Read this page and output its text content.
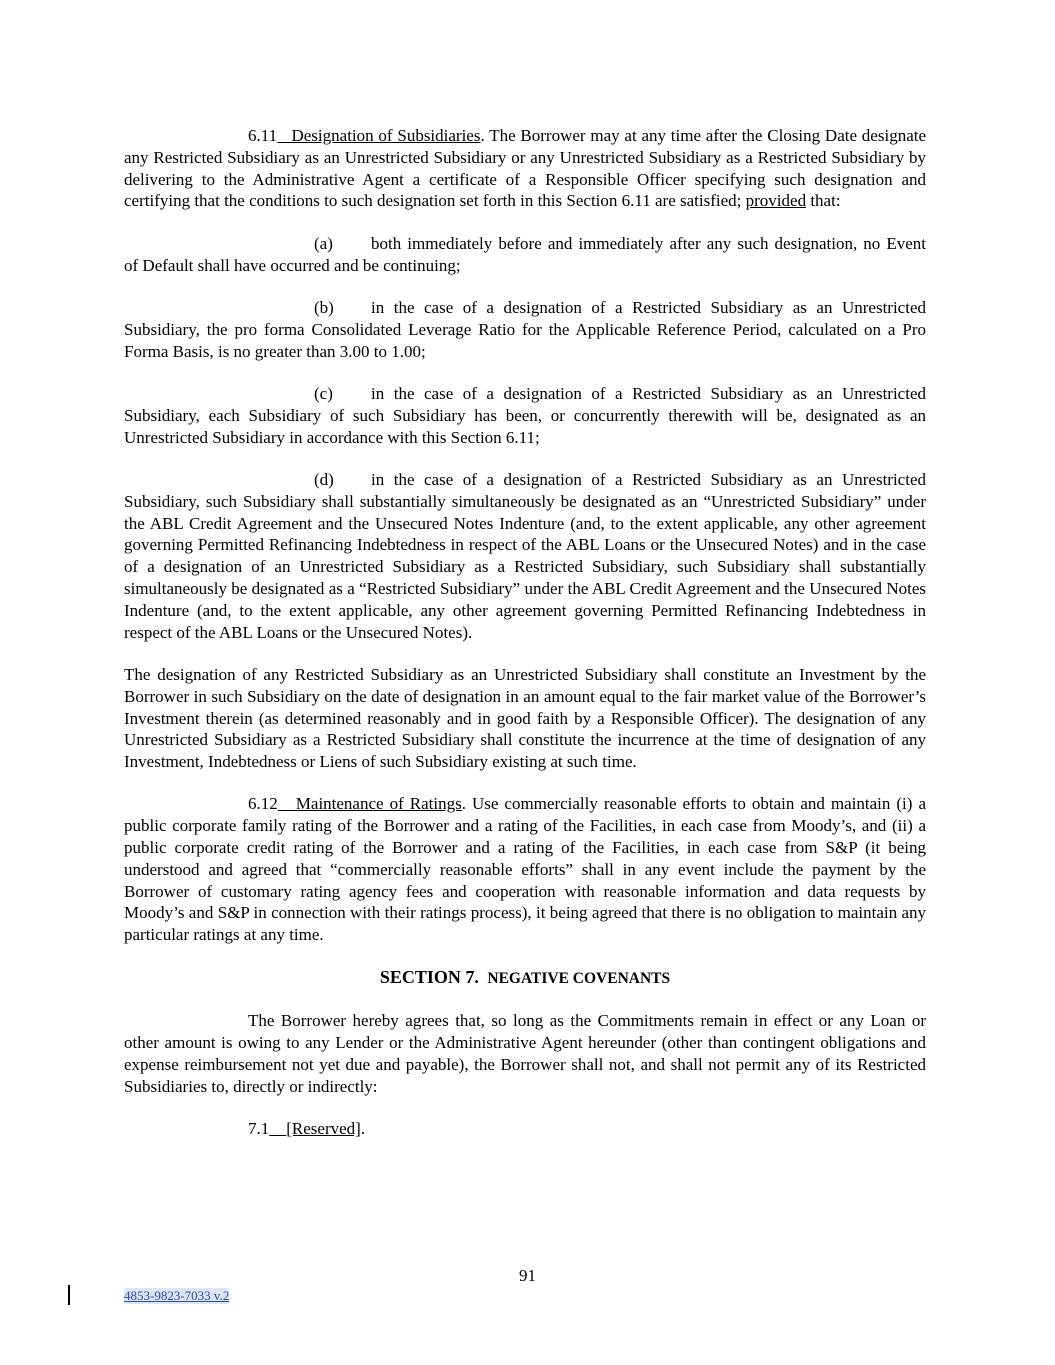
6.11 Designation of Subsidiaries. The Borrower may at any time after the Closing Date designate any Restricted Subsidiary as an Unrestricted Subsidiary or any Unrestricted Subsidiary as a Restricted Subsidiary by delivering to the Administrative Agent a certificate of a Responsible Officer specifying such designation and certifying that the conditions to such designation set forth in this Section 6.11 are satisfied; provided that:

(a) both immediately before and immediately after any such designation, no Event of Default shall have occurred and be continuing;

(b) in the case of a designation of a Restricted Subsidiary as an Unrestricted Subsidiary, the pro forma Consolidated Leverage Ratio for the Applicable Reference Period, calculated on a Pro Forma Basis, is no greater than 3.00 to 1.00;

(c) in the case of a designation of a Restricted Subsidiary as an Unrestricted Subsidiary, each Subsidiary of such Subsidiary has been, or concurrently therewith will be, designated as an Unrestricted Subsidiary in accordance with this Section 6.11;

(d) in the case of a designation of a Restricted Subsidiary as an Unrestricted Subsidiary, such Subsidiary shall substantially simultaneously be designated as an “Unrestricted Subsidiary” under the ABL Credit Agreement and the Unsecured Notes Indenture (and, to the extent applicable, any other agreement governing Permitted Refinancing Indebtedness in respect of the ABL Loans or the Unsecured Notes) and in the case of a designation of an Unrestricted Subsidiary as a Restricted Subsidiary, such Subsidiary shall substantially simultaneously be designated as a “Restricted Subsidiary” under the ABL Credit Agreement and the Unsecured Notes Indenture (and, to the extent applicable, any other agreement governing Permitted Refinancing Indebtedness in respect of the ABL Loans or the Unsecured Notes).

The designation of any Restricted Subsidiary as an Unrestricted Subsidiary shall constitute an Investment by the Borrower in such Subsidiary on the date of designation in an amount equal to the fair market value of the Borrower’s Investment therein (as determined reasonably and in good faith by a Responsible Officer). The designation of any Unrestricted Subsidiary as a Restricted Subsidiary shall constitute the incurrence at the time of designation of any Investment, Indebtedness or Liens of such Subsidiary existing at such time.

6.12 Maintenance of Ratings. Use commercially reasonable efforts to obtain and maintain (i) a public corporate family rating of the Borrower and a rating of the Facilities, in each case from Moody’s, and (ii) a public corporate credit rating of the Borrower and a rating of the Facilities, in each case from S&P (it being understood and agreed that “commercially reasonable efforts” shall in any event include the payment by the Borrower of customary rating agency fees and cooperation with reasonable information and data requests by Moody’s and S&P in connection with their ratings process), it being agreed that there is no obligation to maintain any particular ratings at any time.

SECTION 7. NEGATIVE COVENANTS

The Borrower hereby agrees that, so long as the Commitments remain in effect or any Loan or other amount is owing to any Lender or the Administrative Agent hereunder (other than contingent obligations and expense reimbursement not yet due and payable), the Borrower shall not, and shall not permit any of its Restricted Subsidiaries to, directly or indirectly:

7.1 [Reserved].

91
4853-9823-7033 v.2
